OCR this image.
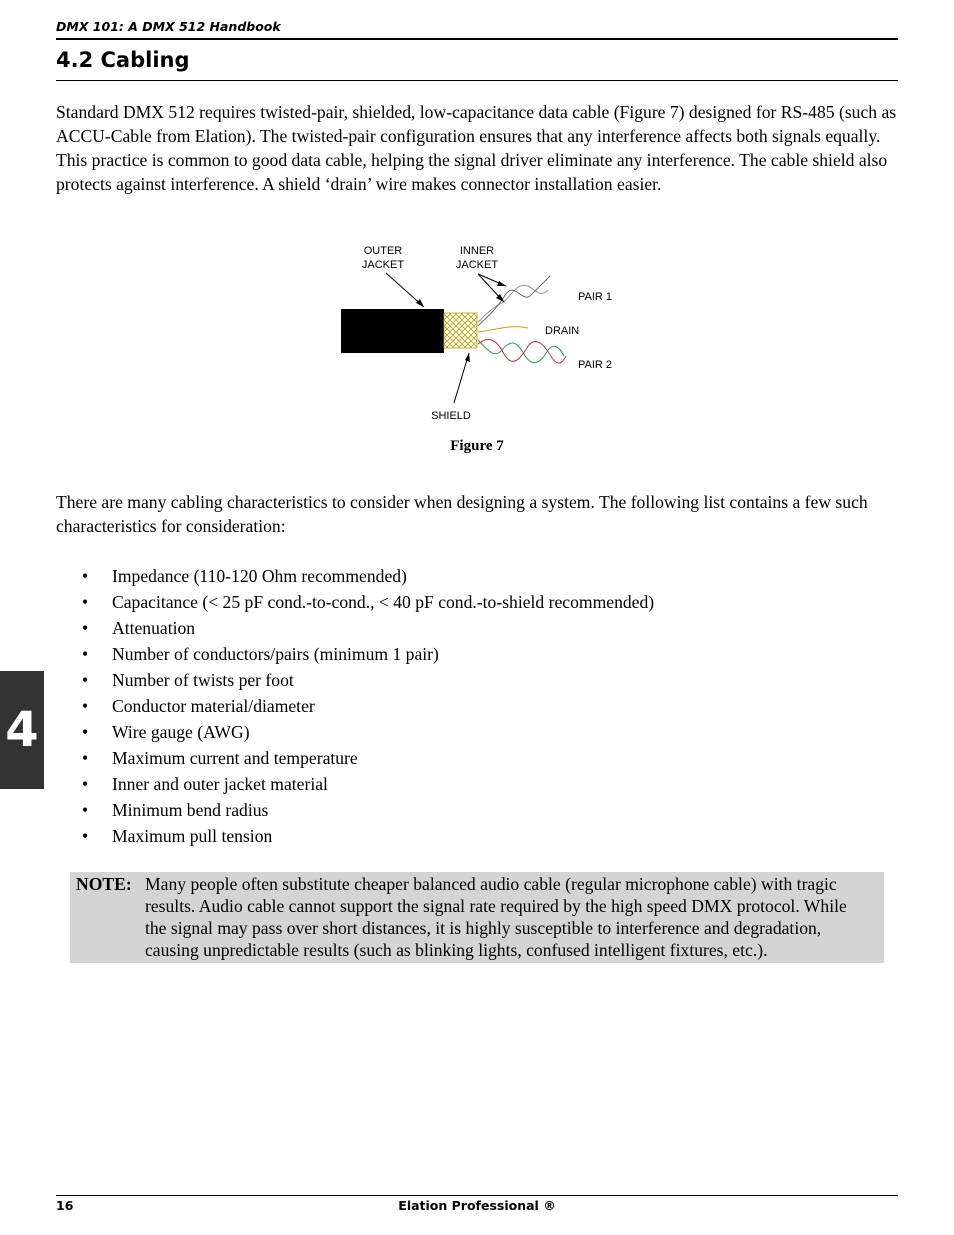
DMX 101: A DMX 512 Handbook
4.2 Cabling

Standard DMX 512 requires twisted-pair, shielded, low-capacitance data cable (Figure 7) designed for RS-485 (such as ACCU-Cable from Elation). The twisted-pair configuration ensures that any interference affects both signals equally. This practice is common to good data cable, helping the signal driver eliminate any interference. The cable shield also protects against interference. A shield ‘drain’ wire makes connector installation easier.

OUTER
JACKET
INNER
JACKET
PAIR 1
DRAIN
PAIR 2
SHIELD
Figure 7

There are many cabling characteristics to consider when designing a system. The following list contains a few such characteristics for consideration:

• Impedance (110-120 Ohm recommended)
• Capacitance (< 25 pF cond.-to-cond., < 40 pF cond.-to-shield recommended)
• Attenuation
• Number of conductors/pairs (minimum 1 pair)
• Number of twists per foot
• Conductor material/diameter
• Wire gauge (AWG)
• Maximum current and temperature
• Inner and outer jacket material
• Minimum bend radius
• Maximum pull tension
NOTE: Many people often substitute cheaper balanced audio cable (regular microphone cable) with tragic
results. Audio cable cannot support the signal rate required by the high speed DMX protocol. While
the signal may pass over short distances, it is highly susceptible to interference and degradation,
causing unpredictable results (such as blinking lights, confused intelligent fixtures, etc.).
4
16	Elation Professional ®
